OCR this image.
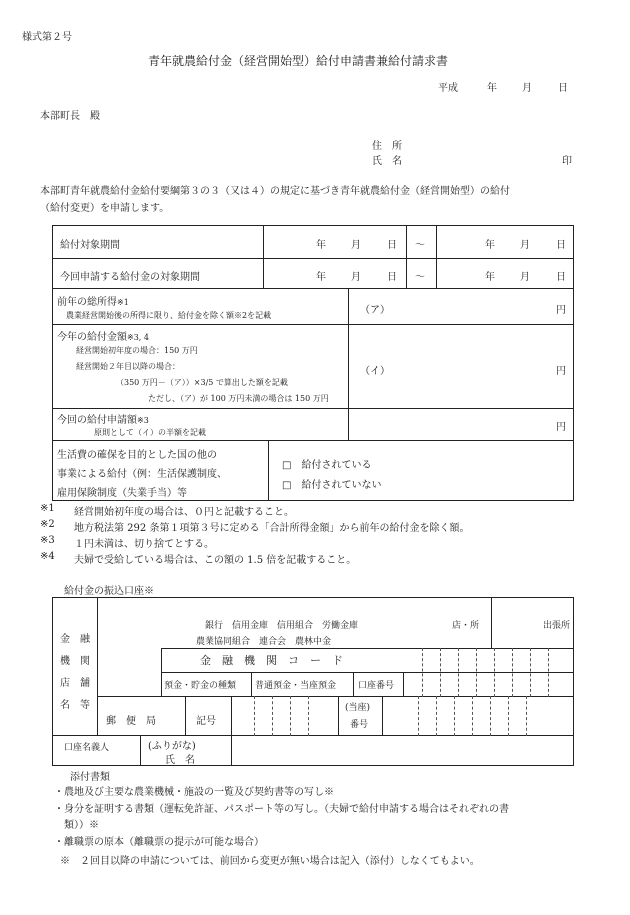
様式第２号
青年就農給付金（経営開始型）給付申請書兼給付請求書
平成	年	月	日
本部町長　殿
住　所
氏　名	印
本部町青年就農給付金給付要綱第３の３（又は４）の規定に基づき青年就農給付金（経営開始型）の給付
（給付変更）を申請します。
給付対象期間	年	月	日 ～	年	月	日
今回申請する給付金の対象期間	年	月	日 ～	年	月	日
前年の総所得※1
農業経営開始後の所得に限り、給付金を除く額※2を記載	（ア）	円
今年の給付金額※3, 4
経営開始初年度の場合：150 万円
経営開始２年目以降の場合：
（350 万円－（ア））×3/5 で算出した額を記載
ただし、（ア）が 100 万円未満の場合は 150 万円
（イ）	円
今回の給付申請額※3
原則として（イ）の半額を記載	円
生活費の確保を目的とした国の他の
事業による給付（例：生活保護制度、
雇用保険制度（失業手当）等
□　給付されている
□　給付されていない
※1 経営開始初年度の場合は、０円と記載すること。
※2 地方税法第 292 条第１項第３号に定める「合計所得金額」から前年の給付金を除く額。
※3 １円未満は、切り捨てとする。
※4 夫婦で受給している場合は、この額の 1.5 倍を記載すること。
給付金の振込口座※
金　融
機　関
店　舗
名　等
銀行　信用金庫　信用組合　労働金庫
農業協同組合　連合会　農林中金
店・所	出張所
金　融　機　関　コ　ー　ド
預金・貯金の種類 普通預金・当座預金 口座番号
郵　便　局	記号
(当座)
番号
口座名義人	(ふりがな)
氏　名
添付書類
・農地及び主要な農業機械・施設の一覧及び契約書等の写し※
・身分を証明する書類（運転免許証、パスポート等の写し。（夫婦で給付申請する場合はそれぞれの書
　類））※
・離職票の原本（離職票の提示が可能な場合）
※　２回目以降の申請については、前回から変更が無い場合は記入（添付）しなくてもよい。
